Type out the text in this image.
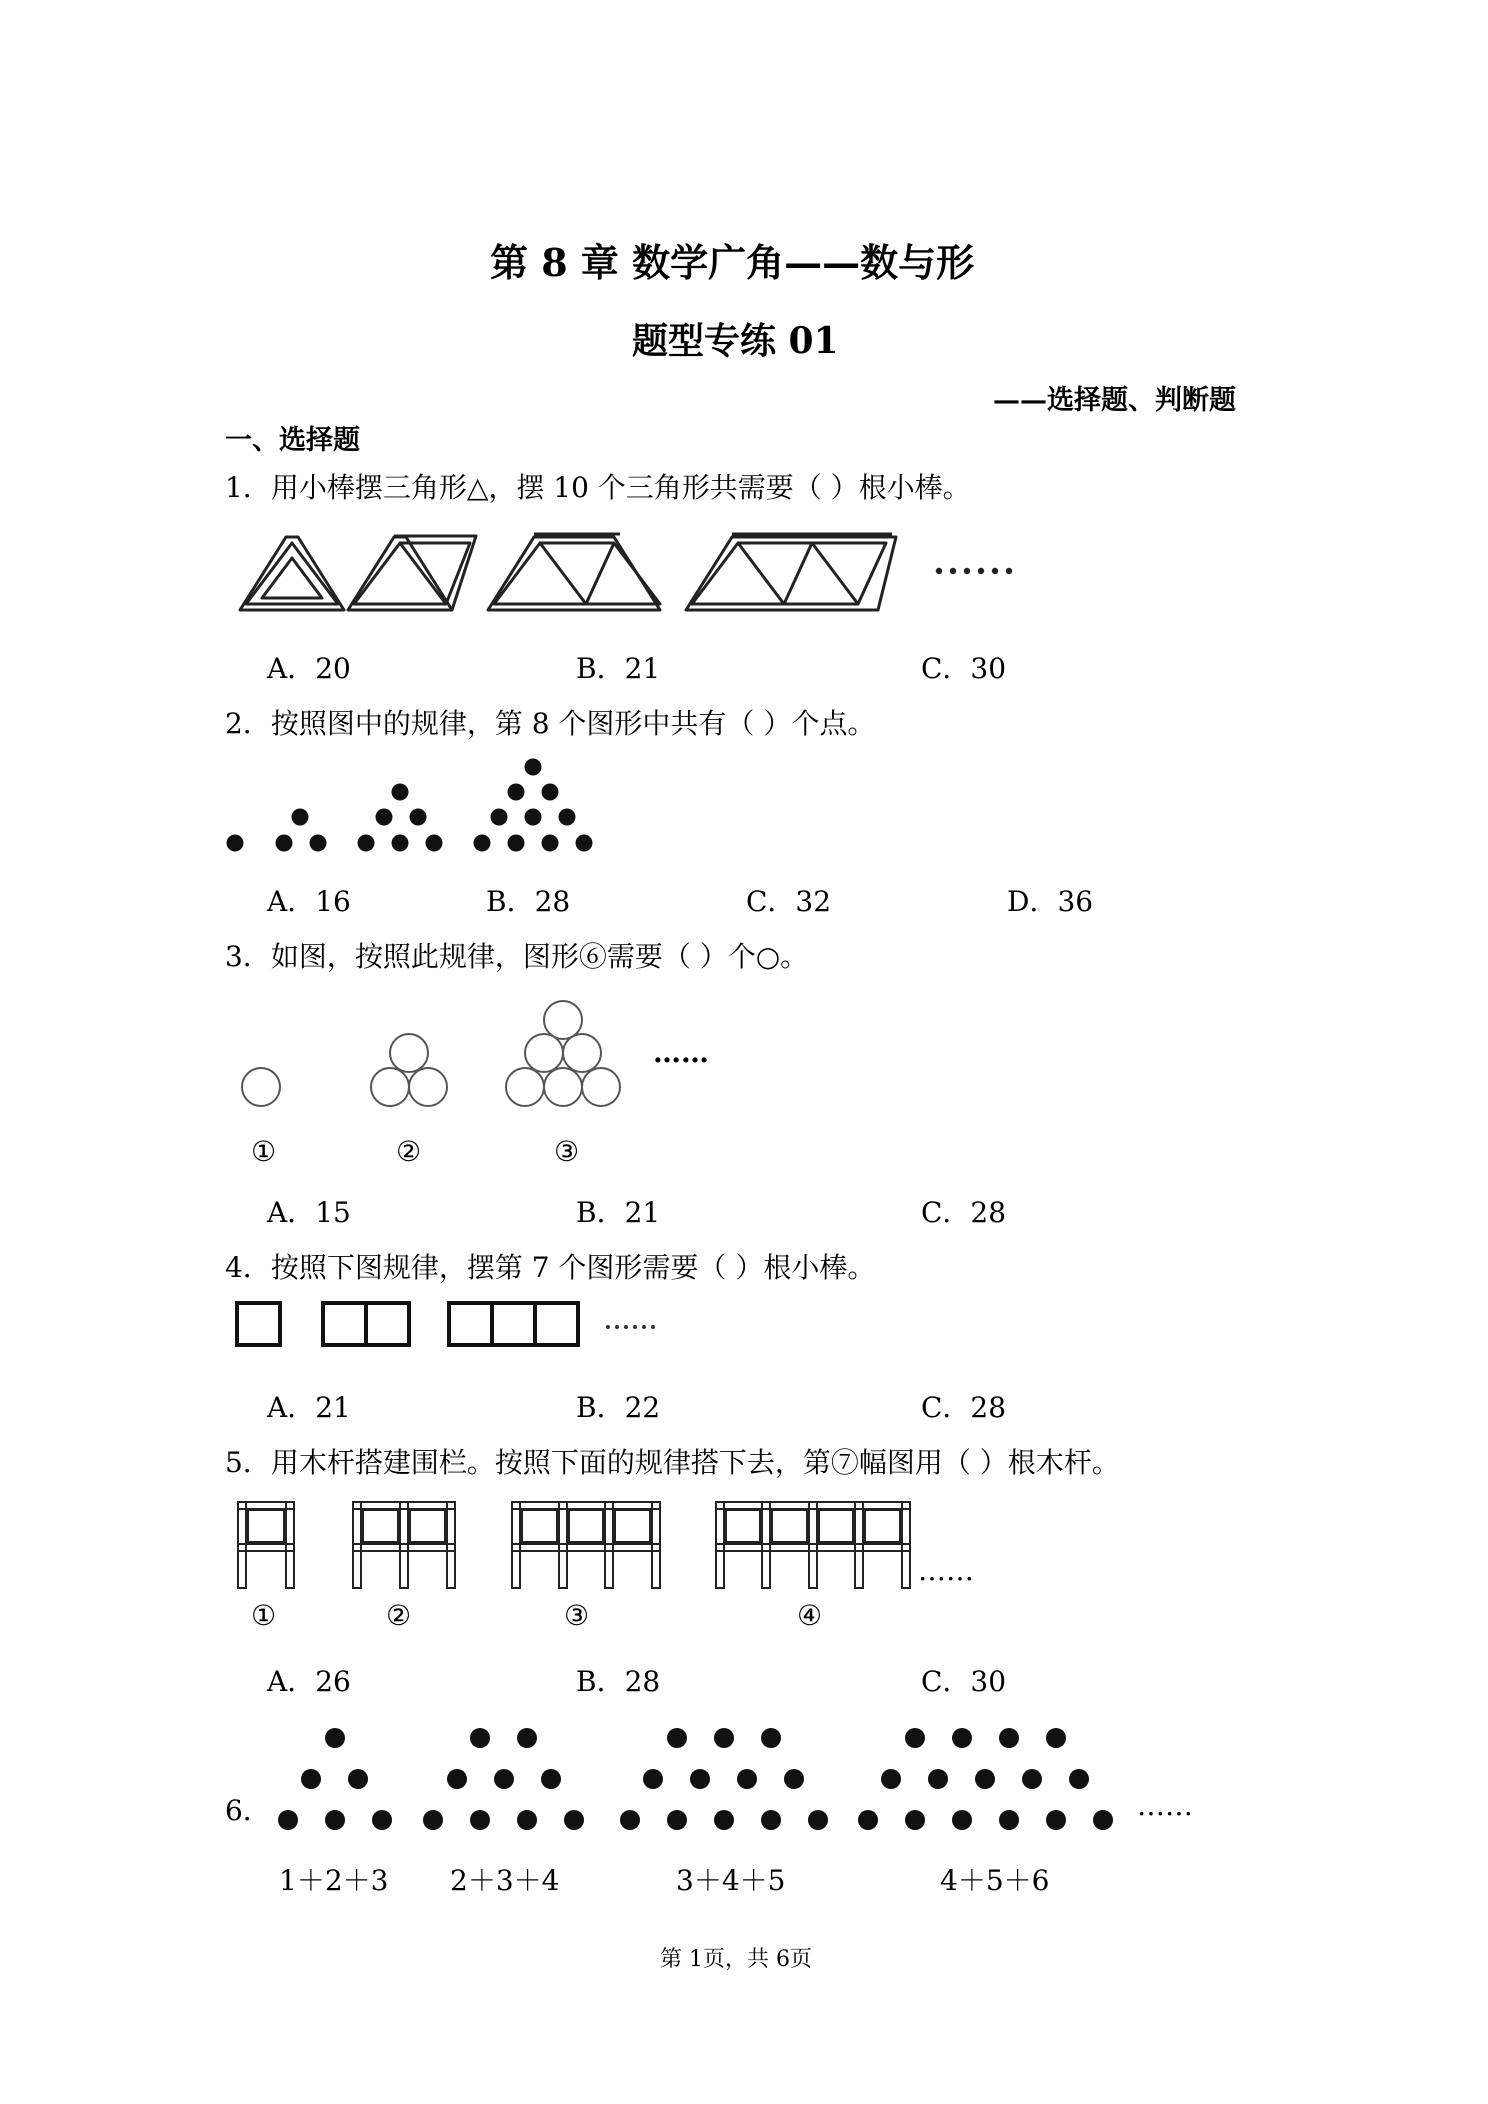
第 8 章 数学广角——数与形
题型专练 01
——选择题、判断题
一、选择题
1．用小棒摆三角形△，摆 10 个三角形共需要（ ）根小棒。
A．20	B．21	C．30
2．按照图中的规律，第 8 个图形中共有（ ）个点。
A．16	B．28	C．32	D．36
3．如图，按照此规律，图形⑥需要（ ）个○。
……
①	②	③
A．15	B．21	C．28
4．按照下图规律，摆第 7 个图形需要（ ）根小棒。
A．21	B．22	C．28
5．用木杆搭建围栏。按照下面的规律搭下去，第⑦幅图用（ ）根木杆。
……
①	②	③	④
A．26	B．28	C．30
6．	……
1＋2＋3 2＋3＋4	3＋4＋5	4＋5＋6
第 1页，共 6页
